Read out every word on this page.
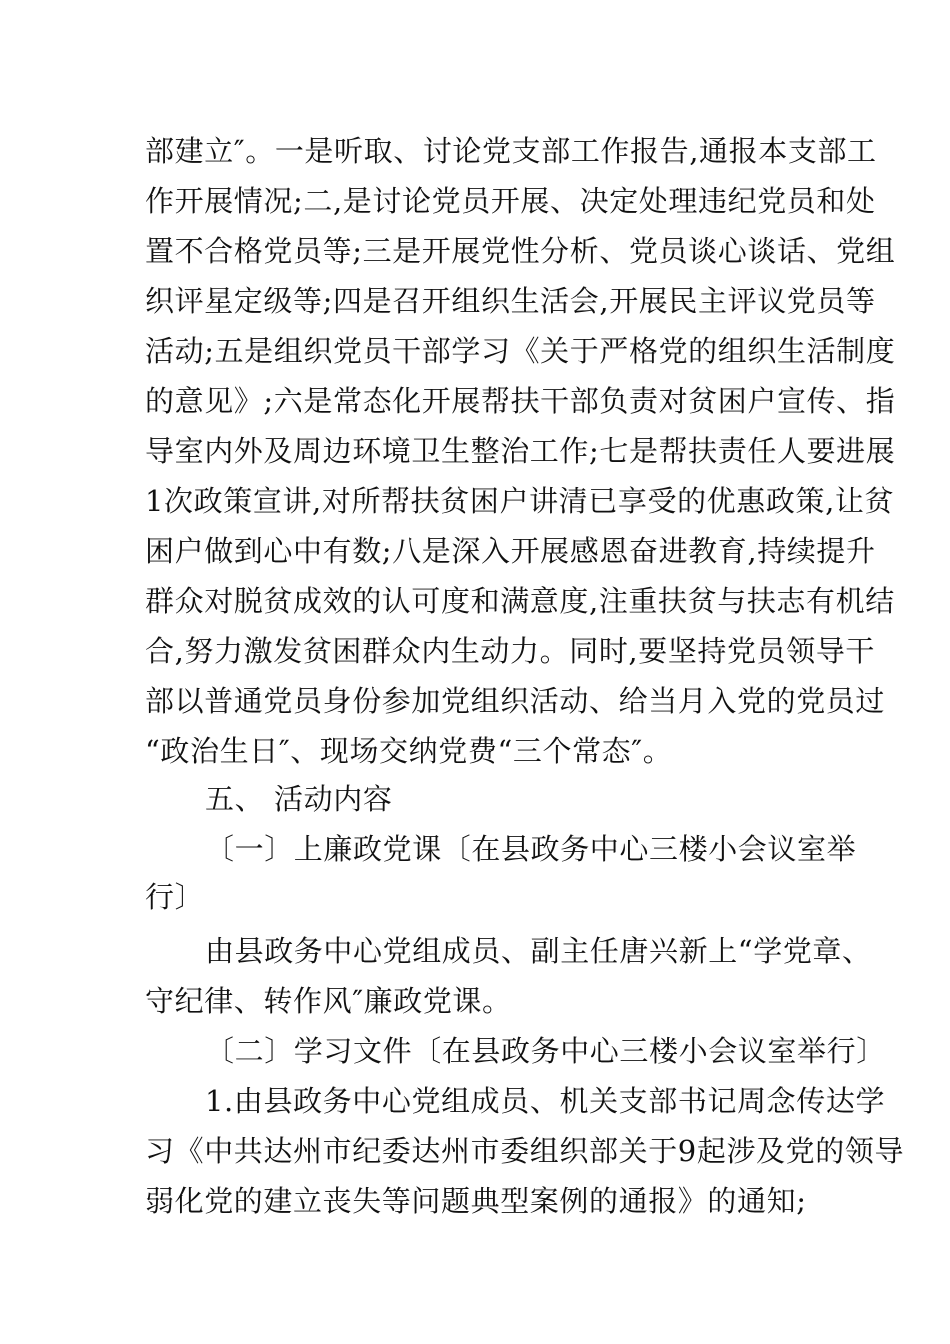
部建立″。一是听取、讨论党支部工作报告,通报本支部工
作开展情况;二,是讨论党员开展、决定处理违纪党员和处
置不合格党员等;三是开展党性分析、党员谈心谈话、党组
织评星定级等;四是召开组织生活会,开展民主评议党员等
活动;五是组织党员干部学习《关于严格党的组织生活制度
的意见》;六是常态化开展帮扶干部负责对贫困户宣传、指
导室内外及周边环境卫生整治工作;七是帮扶责任人要进展
1次政策宣讲,对所帮扶贫困户讲清已享受的优惠政策,让贫
困户做到心中有数;八是深入开展感恩奋进教育,持续提升
群众对脱贫成效的认可度和满意度,注重扶贫与扶志有机结
合,努力激发贫困群众内生动力。同时,要坚持党员领导干
部以普通党员身份参加党组织活动、给当月入党的党员过
“政治生日″、现场交纳党费“三个常态″。
五、 活动内容
〔一〕上廉政党课〔在县政务中心三楼小会议室举
行〕
由县政务中心党组成员、副主任唐兴新上“学党章、
守纪律、转作风″廉政党课。
〔二〕学习文件〔在县政务中心三楼小会议室举行〕
1.由县政务中心党组成员、机关支部书记周念传达学
习《中共达州市纪委达州市委组织部关于9起涉及党的领导
弱化党的建立丧失等问题典型案例的通报》的通知;
